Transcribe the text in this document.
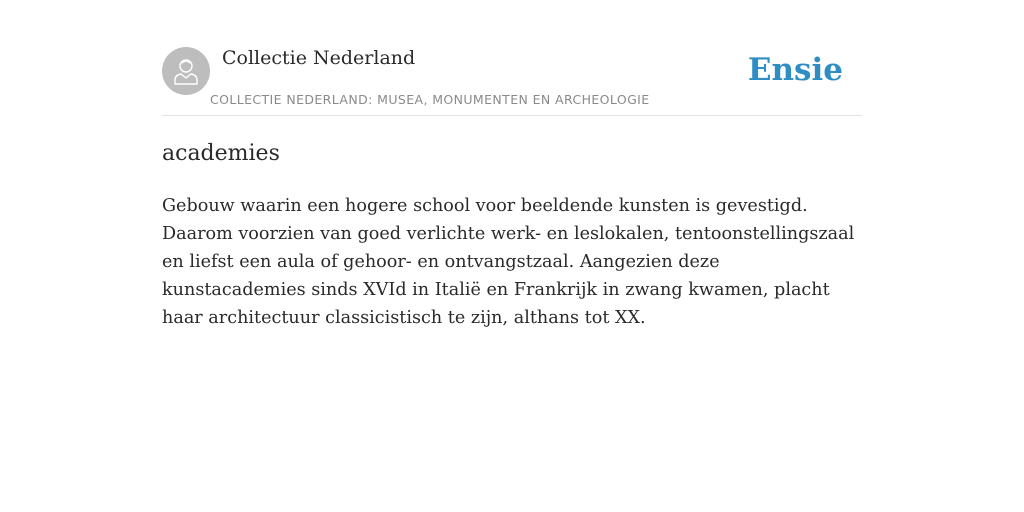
Collectie Nederland
COLLECTIE NEDERLAND: MUSEA, MONUMENTEN EN ARCHEOLOGIE
Ensie
academies

Gebouw waarin een hogere school voor beeldende kunsten is gevestigd. Daarom voorzien van goed verlichte werk- en leslokalen, tentoonstellingszaal en liefst een aula of gehoor- en ontvangstzaal. Aangezien deze kunstacademies sinds XVId in Italië en Frankrijk in zwang kwamen, placht haar architectuur classicistisch te zijn, althans tot XX.
